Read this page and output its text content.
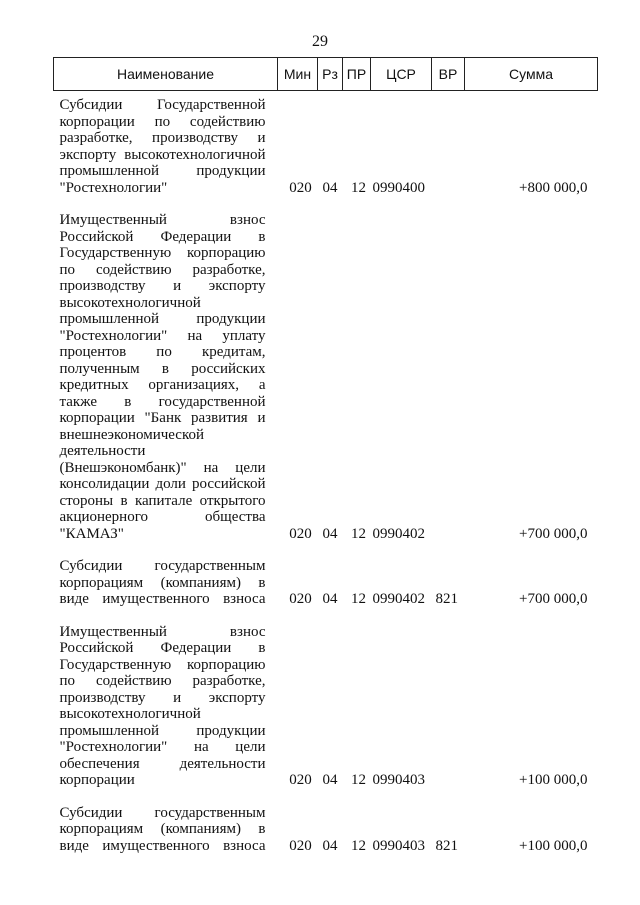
29
Наименование	Мин	Рз	ПР	ЦСР	ВР	Сумма

Субсидии Государственной корпорации по содействию разработке, производству и экспорту высокотехнологичной промышленной продукции "Ростехнологии"	020	04	12	0990400		+800 000,0

Имущественный взнос Российской Федерации в Государственную корпорацию по содействию разработке, производству и экспорту высокотехнологичной промышленной продукции "Ростехнологии" на уплату процентов по кредитам, полученным в российских кредитных организациях, а также в государственной корпорации "Банк развития и внешнеэкономической деятельности (Внешэкономбанк)" на цели консолидации доли российской стороны в капитале открытого акционерного общества "КАМАЗ"	020	04	12	0990402		+700 000,0

Субсидии государственным корпорациям (компаниям) в виде имущественного взноса	020	04	12	0990402	821	+700 000,0

Имущественный взнос Российской Федерации в Государственную корпорацию по содействию разработке, производству и экспорту высокотехнологичной промышленной продукции "Ростехнологии" на цели обеспечения деятельности корпорации	020	04	12	0990403		+100 000,0

Субсидии государственным корпорациям (компаниям) в виде имущественного взноса	020	04	12	0990403	821	+100 000,0
